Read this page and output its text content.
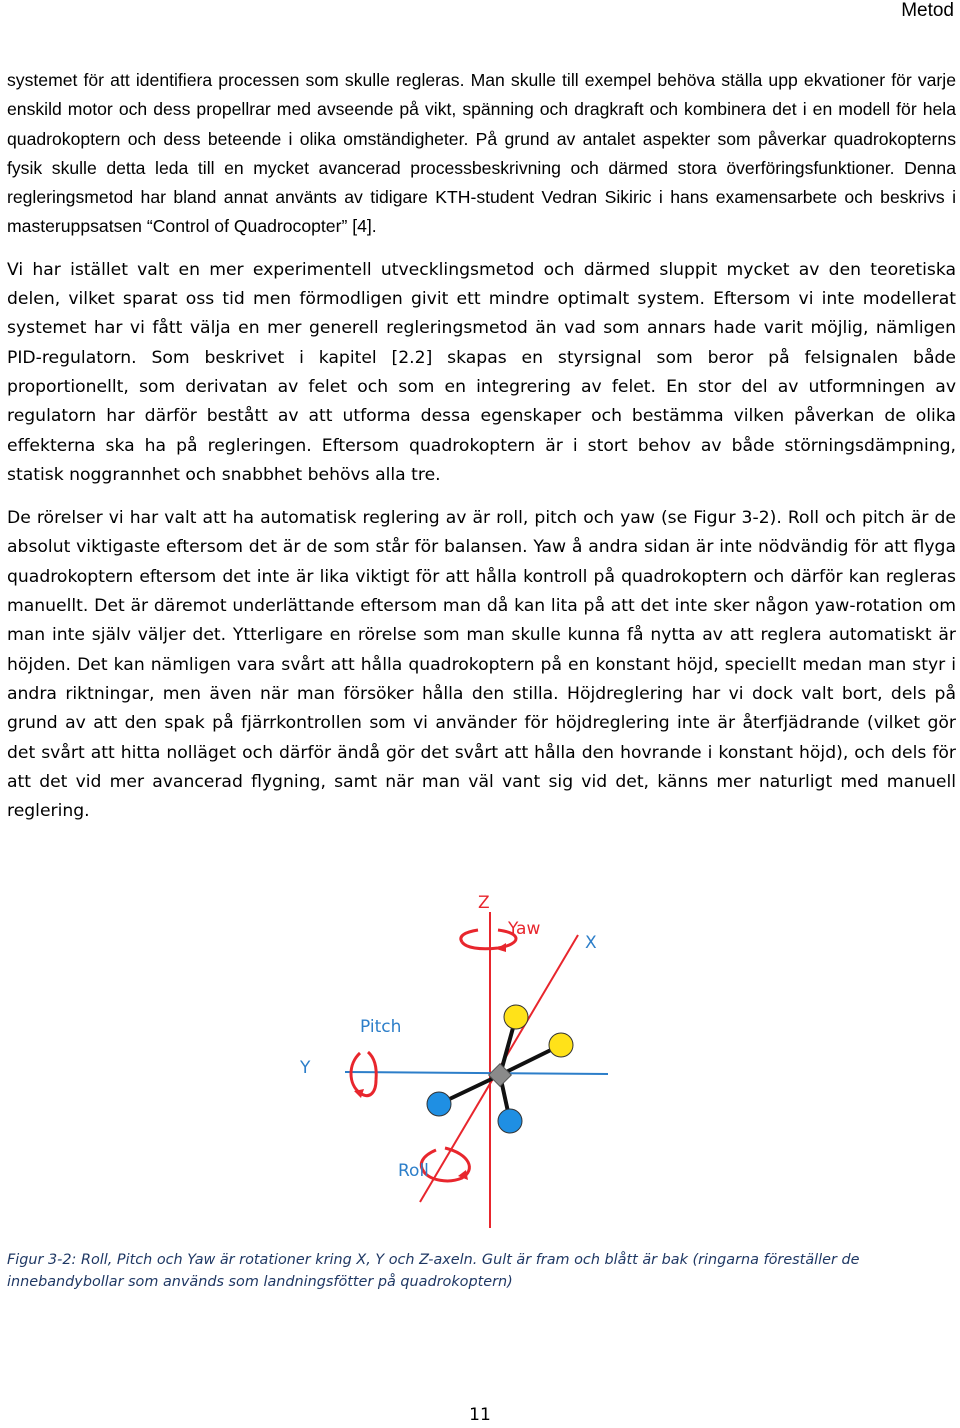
Metod

systemet för att identifiera processen som skulle regleras. Man skulle till exempel behöva ställa upp ekvationer för varje enskild motor och dess propellrar med avseende på vikt, spänning och dragkraft och kombinera det i en modell för hela quadrokoptern och dess beteende i olika omständigheter. På grund av antalet aspekter som påverkar quadrokopterns fysik skulle detta leda till en mycket avancerad processbeskrivning och därmed stora överföringsfunktioner. Denna regleringsmetod har bland annat använts av tidigare KTH-student Vedran Sikiric i hans examensarbete och beskrivs i masteruppsatsen “Control of Quadrocopter” [4].

Vi har istället valt en mer experimentell utvecklingsmetod och därmed sluppit mycket av den teoretiska delen, vilket sparat oss tid men förmodligen givit ett mindre optimalt system. Eftersom vi inte modellerat systemet har vi fått välja en mer generell regleringsmetod än vad som annars hade varit möjlig, nämligen PID-regulatorn. Som beskrivet i kapitel [2.2] skapas en styrsignal som beror på felsignalen både proportionellt, som derivatan av felet och som en integrering av felet. En stor del av utformningen av regulatorn har därför bestått av att utforma dessa egenskaper och bestämma vilken påverkan de olika effekterna ska ha på regleringen. Eftersom quadrokoptern är i stort behov av både störningsdämpning, statisk noggrannhet och snabbhet behövs alla tre.

De rörelser vi har valt att ha automatisk reglering av är roll, pitch och yaw (se Figur 3-2). Roll och pitch är de absolut viktigaste eftersom det är de som står för balansen. Yaw å andra sidan är inte nödvändig för att flyga quadrokoptern eftersom det inte är lika viktigt för att hålla kontroll på quadrokoptern och därför kan regleras manuellt. Det är däremot underlättande eftersom man då kan lita på att det inte sker någon yaw-rotation om man inte själv väljer det. Ytterligare en rörelse som man skulle kunna få nytta av att reglera automatiskt är höjden. Det kan nämligen vara svårt att hålla quadrokoptern på en konstant höjd, speciellt medan man styr i andra riktningar, men även när man försöker hålla den stilla. Höjdreglering har vi dock valt bort, dels på grund av att den spak på fjärrkontrollen som vi använder för höjdreglering inte är återfjädrande (vilket gör det svårt att hitta nolläget och därför ändå gör det svårt att hålla den hovrande i konstant höjd), och dels för att det vid mer avancerad flygning, samt när man väl vant sig vid det, känns mer naturligt med manuell reglering.

Z
Yaw
X
Pitch
Y
Roll

Figur 3-2: Roll, Pitch och Yaw är rotationer kring X, Y och Z-axeln. Gult är fram och blått är bak (ringarna föreställer de innebandybollar som används som landningsfötter på quadrokoptern)

11
